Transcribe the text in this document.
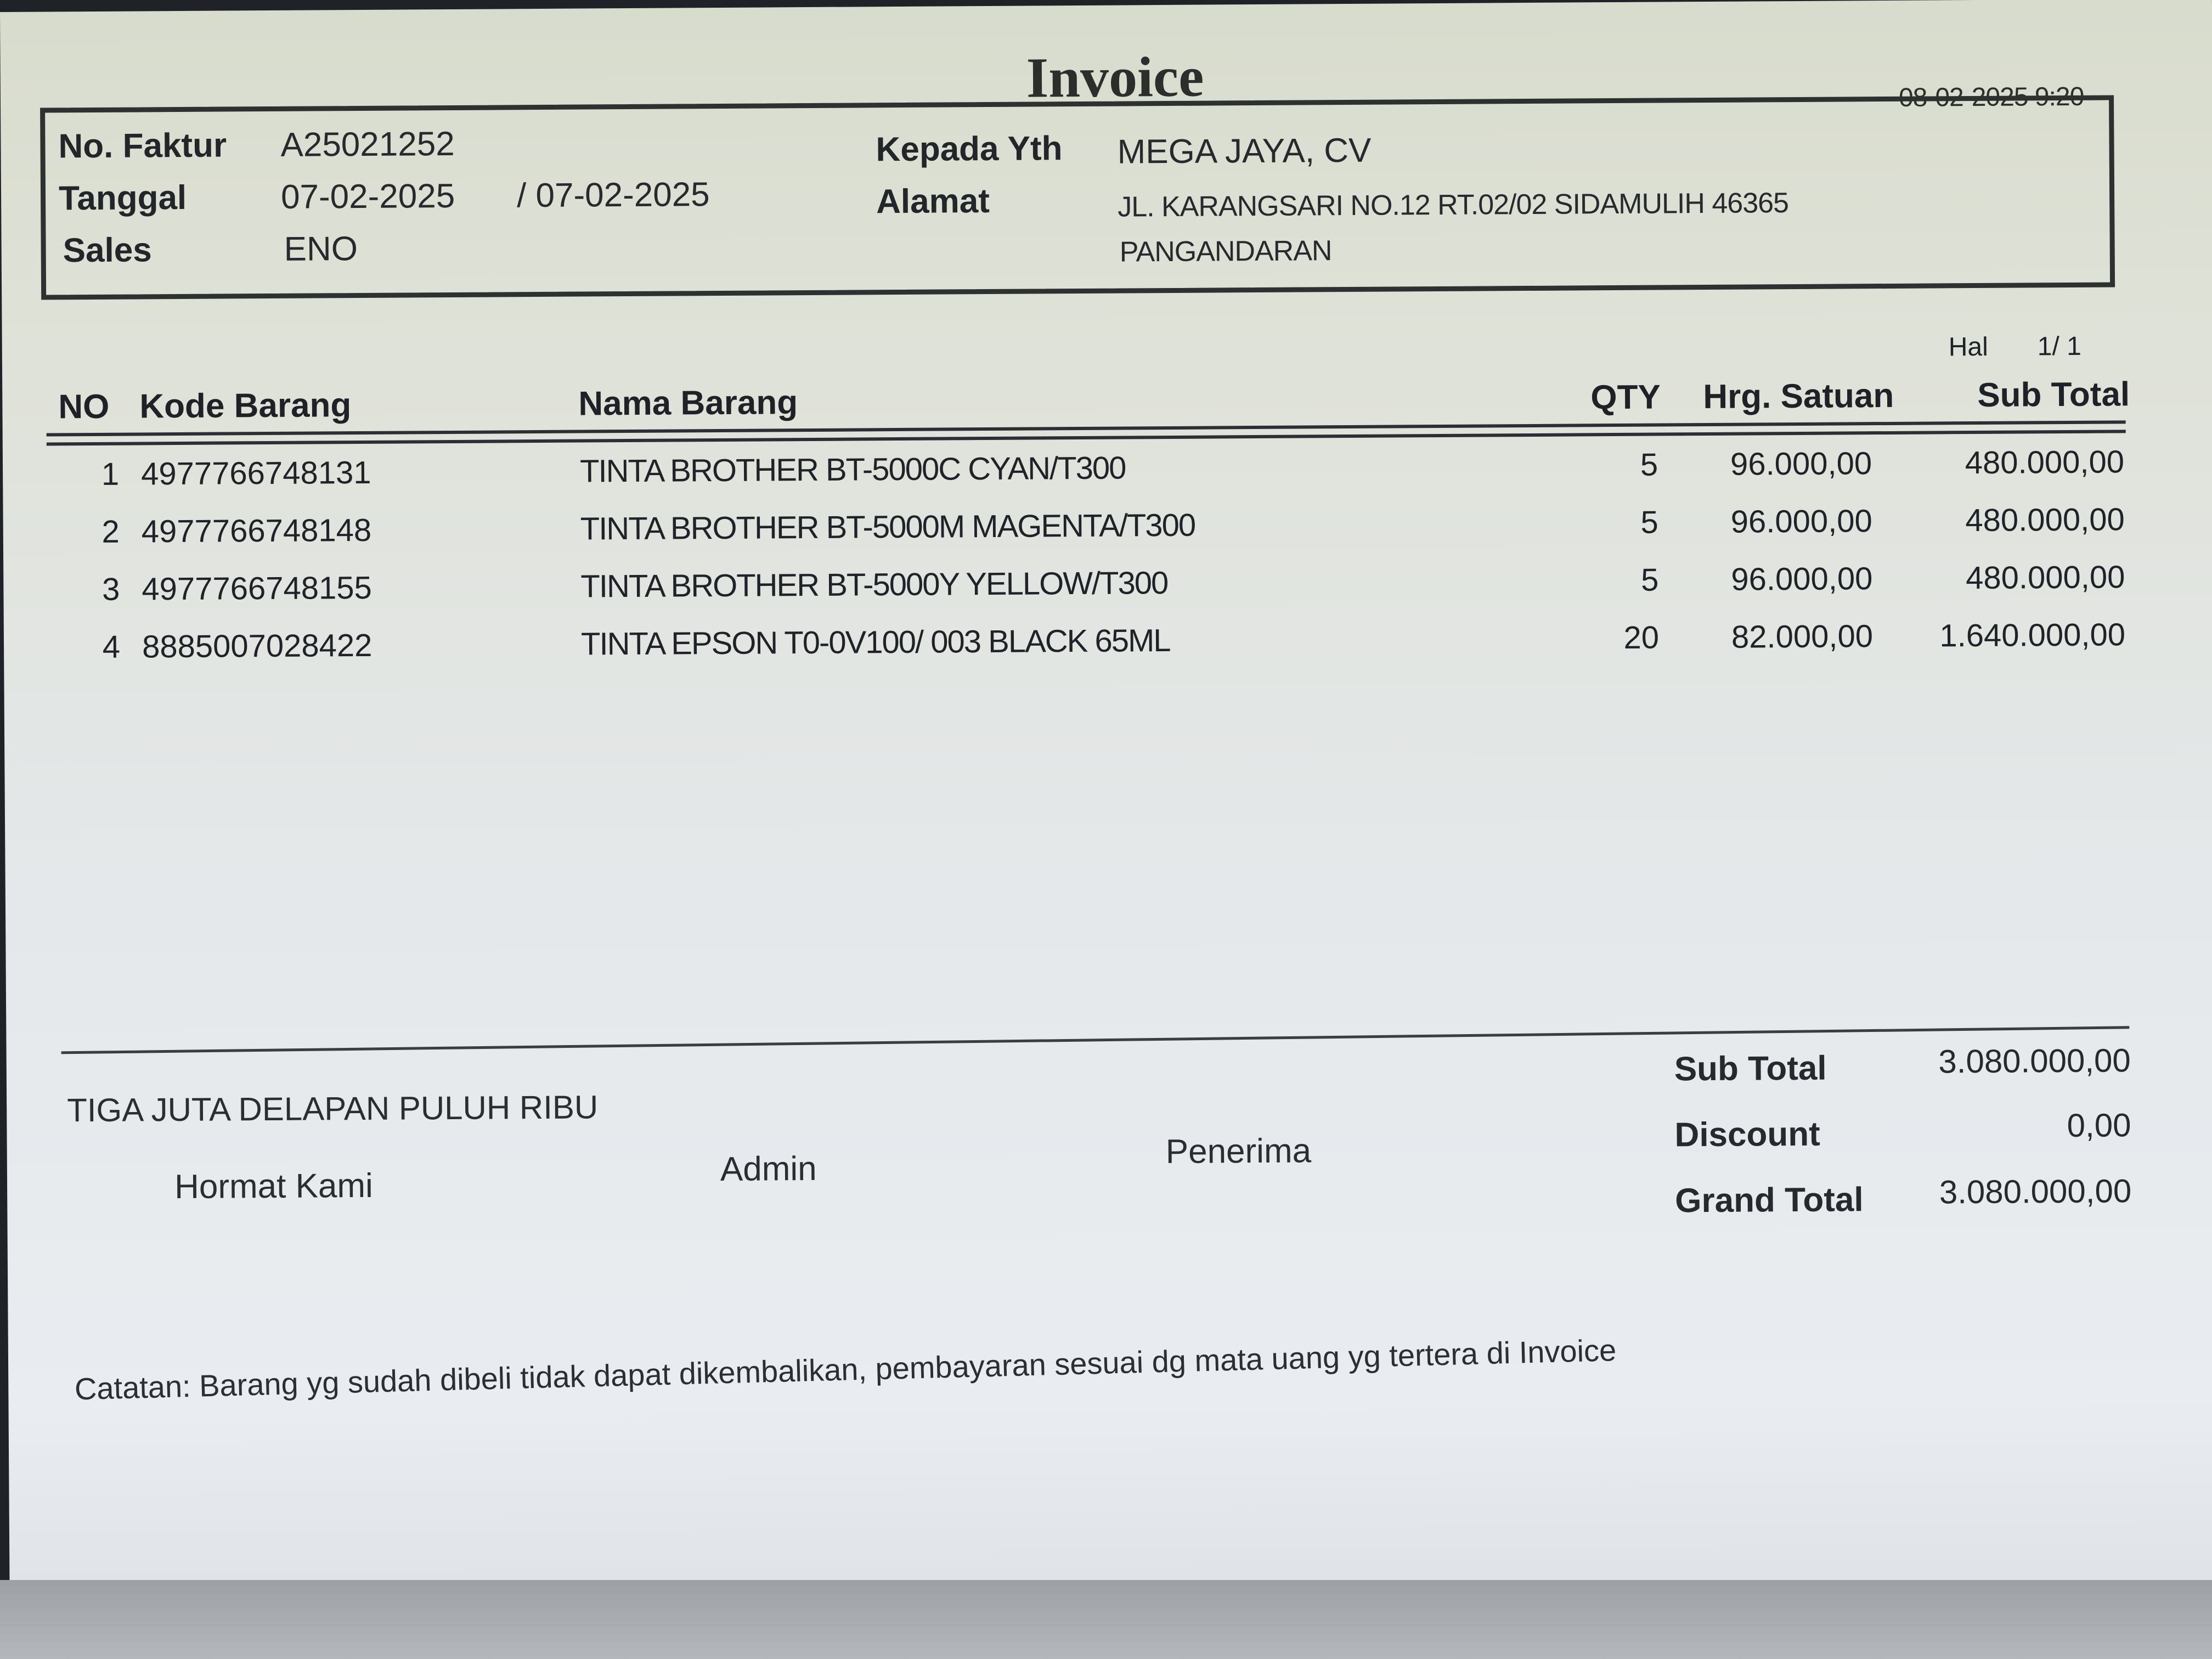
Invoice	08-02-2025 9:20
No. Faktur A25021252
Tanggal	07-02-2025 / 07-02-2025
Sales	ENO
Kepada Yth MEGA JAYA, CV
Alamat	JL. KARANGSARI NO.12 RT.02/02 SIDAMULIH 46365
PANGANDARAN
Hal 1/ 1
NO Kode Barang	Nama Barang	QTY Hrg. Satuan Sub Total
1 4977766748131	TINTA BROTHER BT-5000C CYAN/T300	5 96.000,00	480.000,00
2 4977766748148	TINTA BROTHER BT-5000M MAGENTA/T300	5 96.000,00	480.000,00
3 4977766748155	TINTA BROTHER BT-5000Y YELLOW/T300	5 96.000,00	480.000,00
4 8885007028422	TINTA EPSON T0-0V100/ 003 BLACK 65ML	20 82.000,00 1.640.000,00
TIGA JUTA DELAPAN PULUH RIBU
Hormat Kami	Admin	Penerima
Sub Total	3.080.000,00
Discount	0,00
Grand Total 3.080.000,00
Catatan: Barang yg sudah dibeli tidak dapat dikembalikan, pembayaran sesuai dg mata uang yg tertera di Invoice
